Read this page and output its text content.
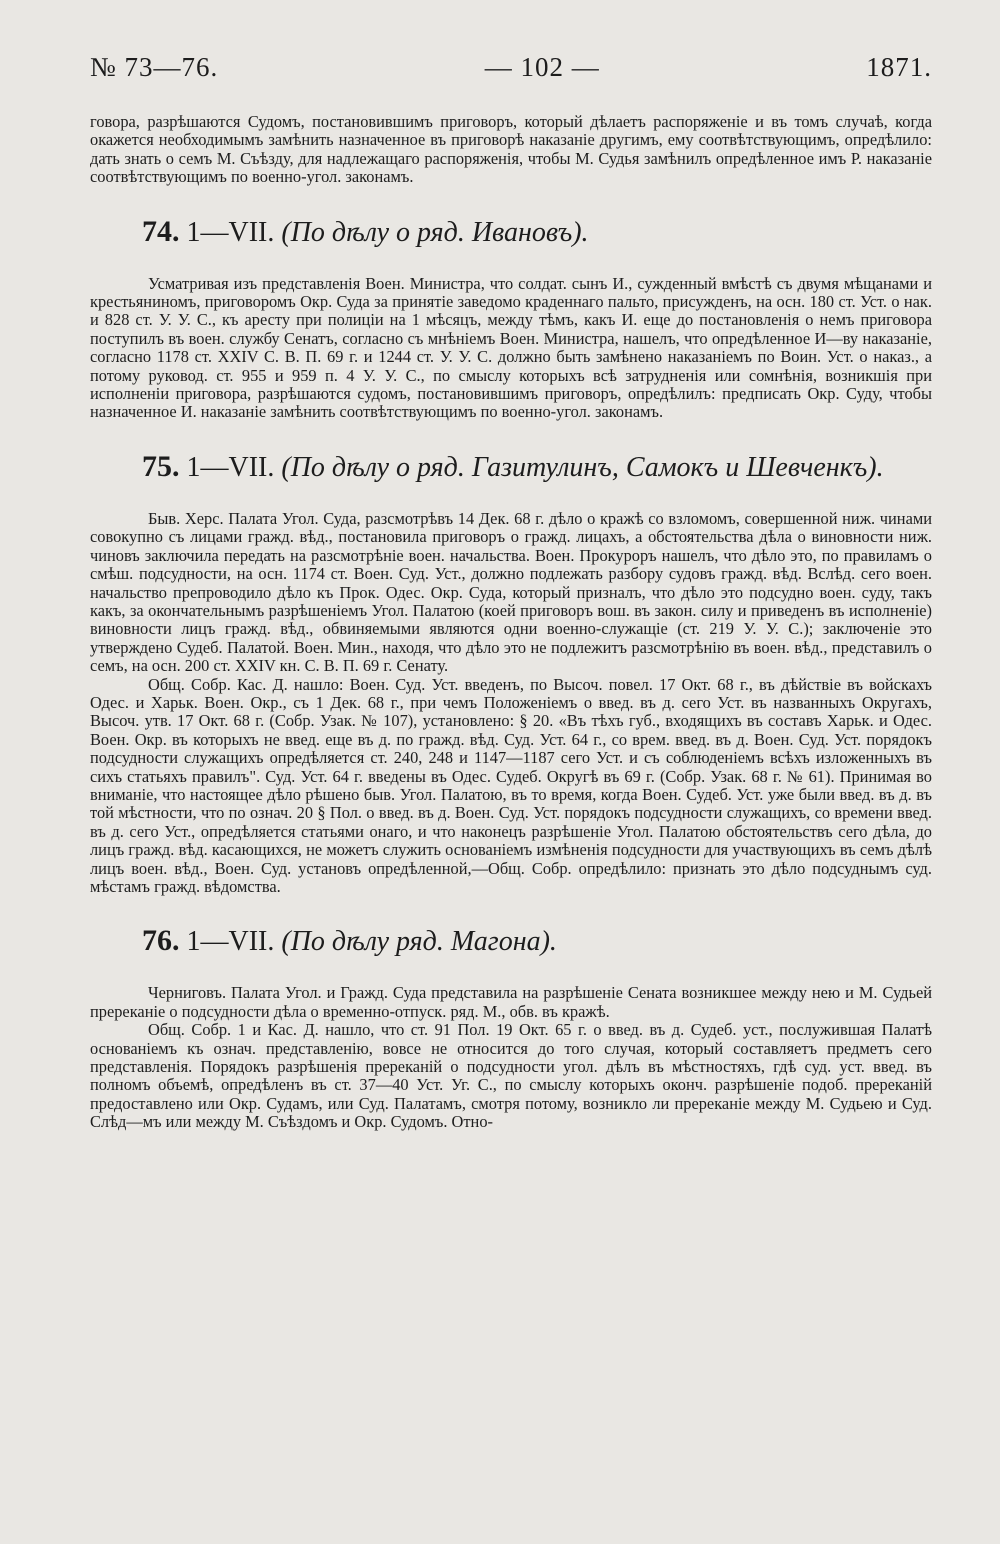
№ 73—76.	— 102 —	1871.

говора, разрѣшаются Судомъ, постановившимъ приговоръ, который дѣлаетъ распоряженіе и въ томъ случаѣ, когда окажется необходимымъ замѣнить назначенное въ приговорѣ наказаніе другимъ, ему соотвѣтствующимъ, опредѣлило: дать знать о семъ М. Съѣзду, для надлежащаго распоряженія, чтобы М. Судья замѣнилъ опредѣленное имъ Р. наказаніе соотвѣтствующимъ по военно-угол. законамъ.

74. 1—VII. (По дѣлу о ряд. Ивановъ).

Усматривая изъ представленія Воен. Министра, что солдат. сынъ И., сужденный вмѣстѣ съ двумя мѣщанами и крестьяниномъ, приговоромъ Окр. Суда за принятіе заведомо краденнаго пальто, присужденъ, на осн. 180 ст. Уст. о нак. и 828 ст. У. У. С., къ аресту при полиціи на 1 мѣсяцъ, между тѣмъ, какъ И. еще до постановленія о немъ приговора поступилъ въ воен. службу Сенатъ, согласно съ мнѣніемъ Воен. Министра, нашелъ, что опредѣленное И—ву наказаніе, согласно 1178 ст. XXIV С. В. П. 69 г. и 1244 ст. У. У. С. должно быть замѣнено наказаніемъ по Воин. Уст. о наказ., а потому руковод. ст. 955 и 959 п. 4 У. У. С., по смыслу которыхъ всѣ затрудненія или сомнѣнія, возникшія при исполненіи приговора, разрѣшаются судомъ, постановившимъ приговоръ, опредѣлилъ: предписать Окр. Суду, чтобы назначенное И. наказаніе замѣнить соотвѣтствующимъ по военно-угол. законамъ.

75. 1—VII. (По дѣлу о ряд. Газитулинъ, Самокъ и Шевченкъ).

Быв. Херс. Палата Угол. Суда, разсмотрѣвъ 14 Дек. 68 г. дѣло о кражѣ со взломомъ, совершенной ниж. чинами совокупно съ лицами гражд. вѣд., постановила приговоръ о гражд. лицахъ, а обстоятельства дѣла о виновности ниж. чиновъ заключила передать на разсмотрѣніе воен. начальства. Воен. Прокуроръ нашелъ, что дѣло это, по правиламъ о смѣш. подсудности, на осн. 1174 ст. Воен. Суд. Уст., должно подлежать разбору судовъ гражд. вѣд. Вслѣд. сего воен. начальство препроводило дѣло къ Прок. Одес. Окр. Суда, который призналъ, что дѣло это подсудно воен. суду, такъ какъ, за окончательнымъ разрѣшеніемъ Угол. Палатою (коей приговоръ вош. въ закон. силу и приведенъ въ исполненіе) виновности лицъ гражд. вѣд., обвиняемыми являются одни военно-служащіе (ст. 219 У. У. С.); заключеніе это утверждено Судеб. Палатой. Воен. Мин., находя, что дѣло это не подлежитъ разсмотрѣнію въ воен. вѣд., представилъ о семъ, на осн. 200 ст. XXIV кн. С. В. П. 69 г. Сенату.

Общ. Собр. Кас. Д. нашло: Воен. Суд. Уст. введенъ, по Высоч. повел. 17 Окт. 68 г., въ дѣйствіе въ войскахъ Одес. и Харьк. Воен. Окр., съ 1 Дек. 68 г., при чемъ Положеніемъ о введ. въ д. сего Уст. въ названныхъ Округахъ, Высоч. утв. 17 Окт. 68 г. (Собр. Узак. № 107), установлено: § 20. «Въ тѣхъ губ., входящихъ въ составъ Харьк. и Одес. Воен. Окр. въ которыхъ не введ. еще въ д. по гражд. вѣд. Суд. Уст. 64 г., со врем. введ. въ д. Воен. Суд. Уст. порядокъ подсудности служащихъ опредѣляется ст. 240, 248 и 1147—1187 сего Уст. и съ соблюденіемъ всѣхъ изложенныхъ въ сихъ статьяхъ правилъ". Суд. Уст. 64 г. введены въ Одес. Судеб. Округѣ въ 69 г. (Собр. Узак. 68 г. № 61). Принимая во вниманіе, что настоящее дѣло рѣшено быв. Угол. Палатою, въ то время, когда Воен. Судеб. Уст. уже были введ. въ д. въ той мѣстности, что по означ. 20 § Пол. о введ. въ д. Воен. Суд. Уст. порядокъ подсудности служащихъ, со времени введ. въ д. сего Уст., опредѣляется статьями онаго, и что наконецъ разрѣшеніе Угол. Палатою обстоятельствъ сего дѣла, до лицъ гражд. вѣд. касающихся, не можетъ служить основаніемъ измѣненія подсудности для участвующихъ въ семъ дѣлѣ лицъ воен. вѣд., Воен. Суд. установъ опредѣленной,—Общ. Собр. опредѣлило: признать это дѣло подсуднымъ суд. мѣстамъ гражд. вѣдомства.

76. 1—VII. (По дѣлу ряд. Магона).

Черниговъ. Палата Угол. и Гражд. Суда представила на разрѣшеніе Сената возникшее между нею и М. Судьей пререканіе о подсудности дѣла о временно-отпуск. ряд. М., обв. въ кражѣ.

Общ. Собр. 1 и Кас. Д. нашло, что ст. 91 Пол. 19 Окт. 65 г. о введ. въ д. Судеб. уст., послужившая Палатѣ основаніемъ къ означ. представленію, вовсе не относится до того случая, который составляетъ предметъ сего представленія. Порядокъ разрѣшенія пререканій о подсудности угол. дѣлъ въ мѣстностяхъ, гдѣ суд. уст. введ. въ полномъ объемѣ, опредѣленъ въ ст. 37—40 Уст. Уг. С., по смыслу которыхъ оконч. разрѣшеніе подоб. пререканій предоставлено или Окр. Судамъ, или Суд. Палатамъ, смотря потому, возникло ли пререканіе между М. Судьею и Суд. Слѣд—мъ или между М. Съѣздомъ и Окр. Судомъ. Отно-
